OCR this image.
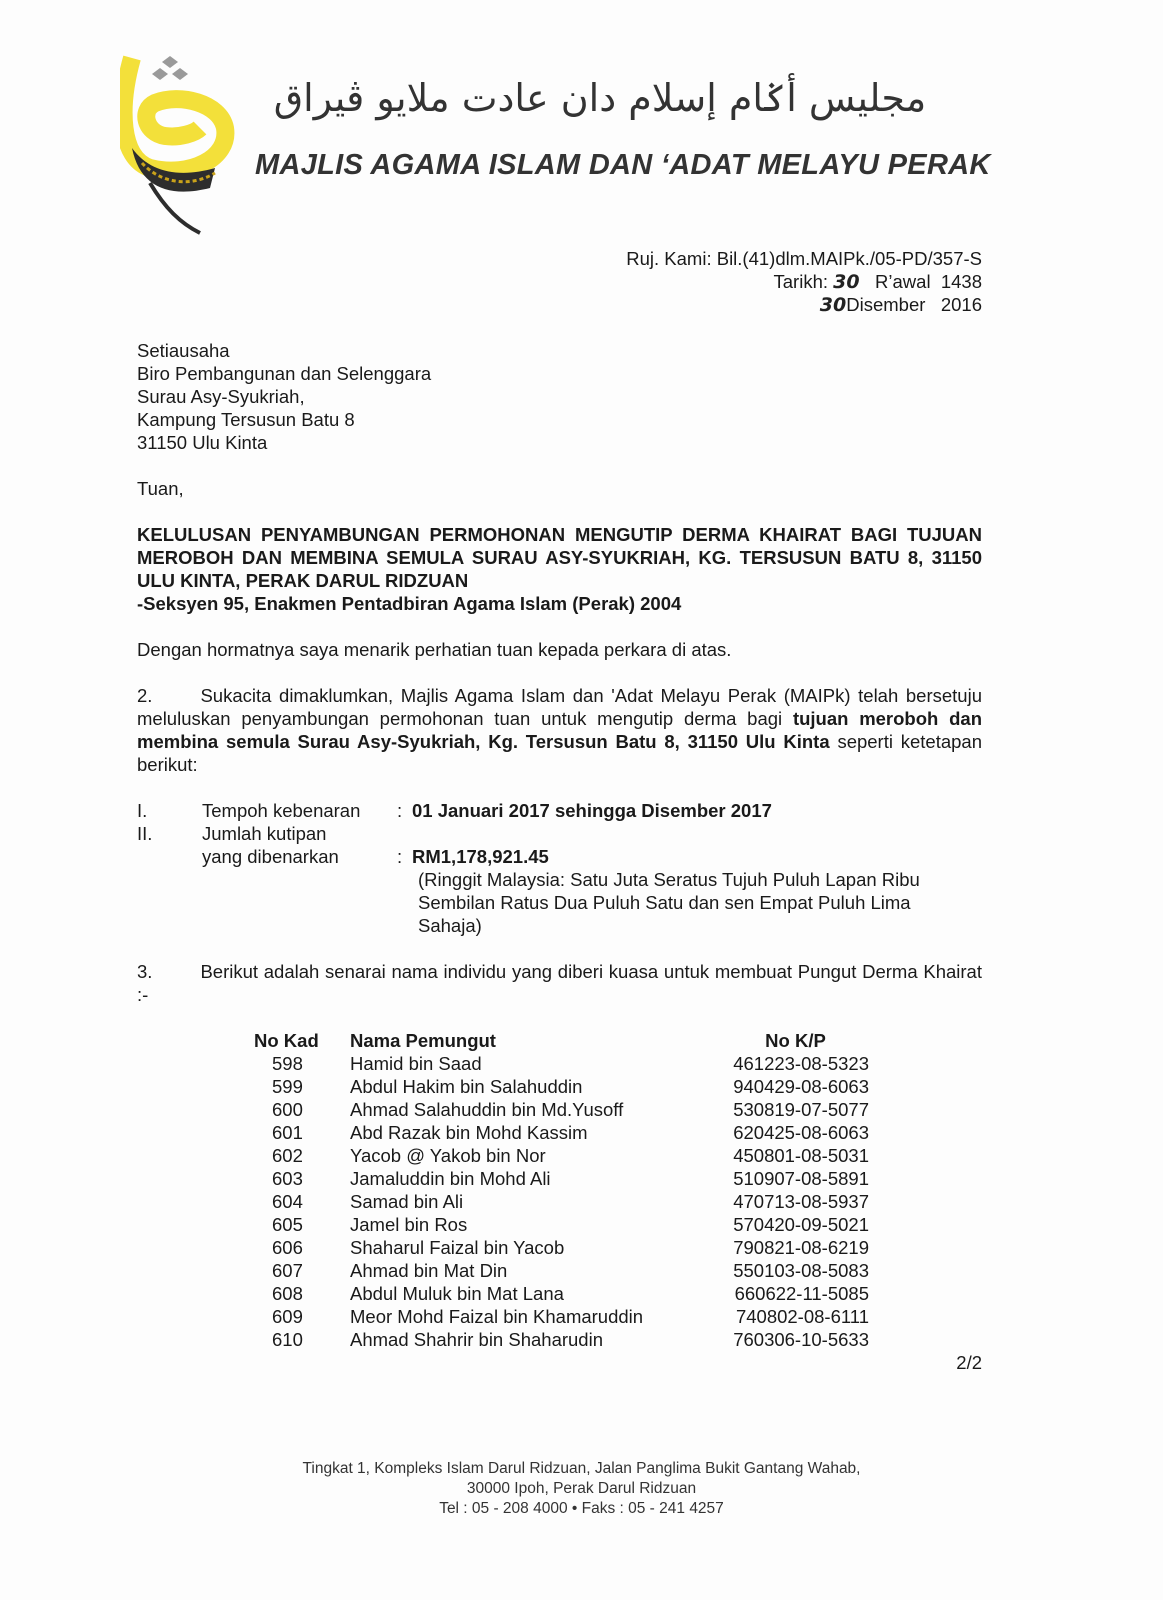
مجليس أݢام إسلام دان عادت ملايو ڤيراق
MAJLIS AGAMA ISLAM DAN ‘ADAT MELAYU PERAK
Ruj. Kami: Bil.(41)dlm.MAIPk./05-PD/357-S
Tarikh: 30 R’awal 1438
30Disember 2016
Setiausaha
Biro Pembangunan dan Selenggara
Surau Asy-Syukriah,
Kampung Tersusun Batu 8
31150 Ulu Kinta
Tuan,
KELULUSAN PENYAMBUNGAN PERMOHONAN MENGUTIP DERMA KHAIRAT BAGI TUJUAN MEROBOH DAN MEMBINA SEMULA SURAU ASY-SYUKRIAH, KG. TERSUSUN BATU 8, 31150 ULU KINTA, PERAK DARUL RIDZUAN
-Seksyen 95, Enakmen Pentadbiran Agama Islam (Perak) 2004
Dengan hormatnya saya menarik perhatian tuan kepada perkara di atas.
2.	Sukacita dimaklumkan, Majlis Agama Islam dan 'Adat Melayu Perak (MAIPk) telah bersetuju meluluskan penyambungan permohonan tuan untuk mengutip derma bagi tujuan meroboh dan membina semula Surau Asy-Syukriah, Kg. Tersusun Batu 8, 31150 Ulu Kinta seperti ketetapan berikut:
I.	Tempoh kebenaran	:	01 Januari 2017 sehingga Disember 2017
II.	Jumlah kutipan		
	yang dibenarkan	:	RM1,178,921.45
			(Ringgit Malaysia: Satu Juta Seratus Tujuh Puluh Lapan Ribu Sembilan Ratus Dua Puluh Satu dan sen Empat Puluh Lima Sahaja)
3.	Berikut adalah senarai nama individu yang diberi kuasa untuk membuat Pungut Derma Khairat :-
No Kad	Nama Pemungut	No K/P
598	Hamid bin Saad	461223-08-5323
599	Abdul Hakim bin Salahuddin	940429-08-6063
600	Ahmad Salahuddin bin Md.Yusoff	530819-07-5077
601	Abd Razak bin Mohd Kassim	620425-08-6063
602	Yacob @ Yakob bin Nor	450801-08-5031
603	Jamaluddin bin Mohd Ali	510907-08-5891
604	Samad bin Ali	470713-08-5937
605	Jamel bin Ros	570420-09-5021
606	Shaharul Faizal bin Yacob	790821-08-6219
607	Ahmad bin Mat Din	550103-08-5083
608	Abdul Muluk bin Mat Lana	660622-11-5085
609	Meor Mohd Faizal bin Khamaruddin	740802-08-6111
610	Ahmad Shahrir bin Shaharudin	760306-10-5633
2/2
Tingkat 1, Kompleks Islam Darul Ridzuan, Jalan Panglima Bukit Gantang Wahab,
30000 Ipoh, Perak Darul Ridzuan
Tel : 05 - 208 4000 • Faks : 05 - 241 4257
